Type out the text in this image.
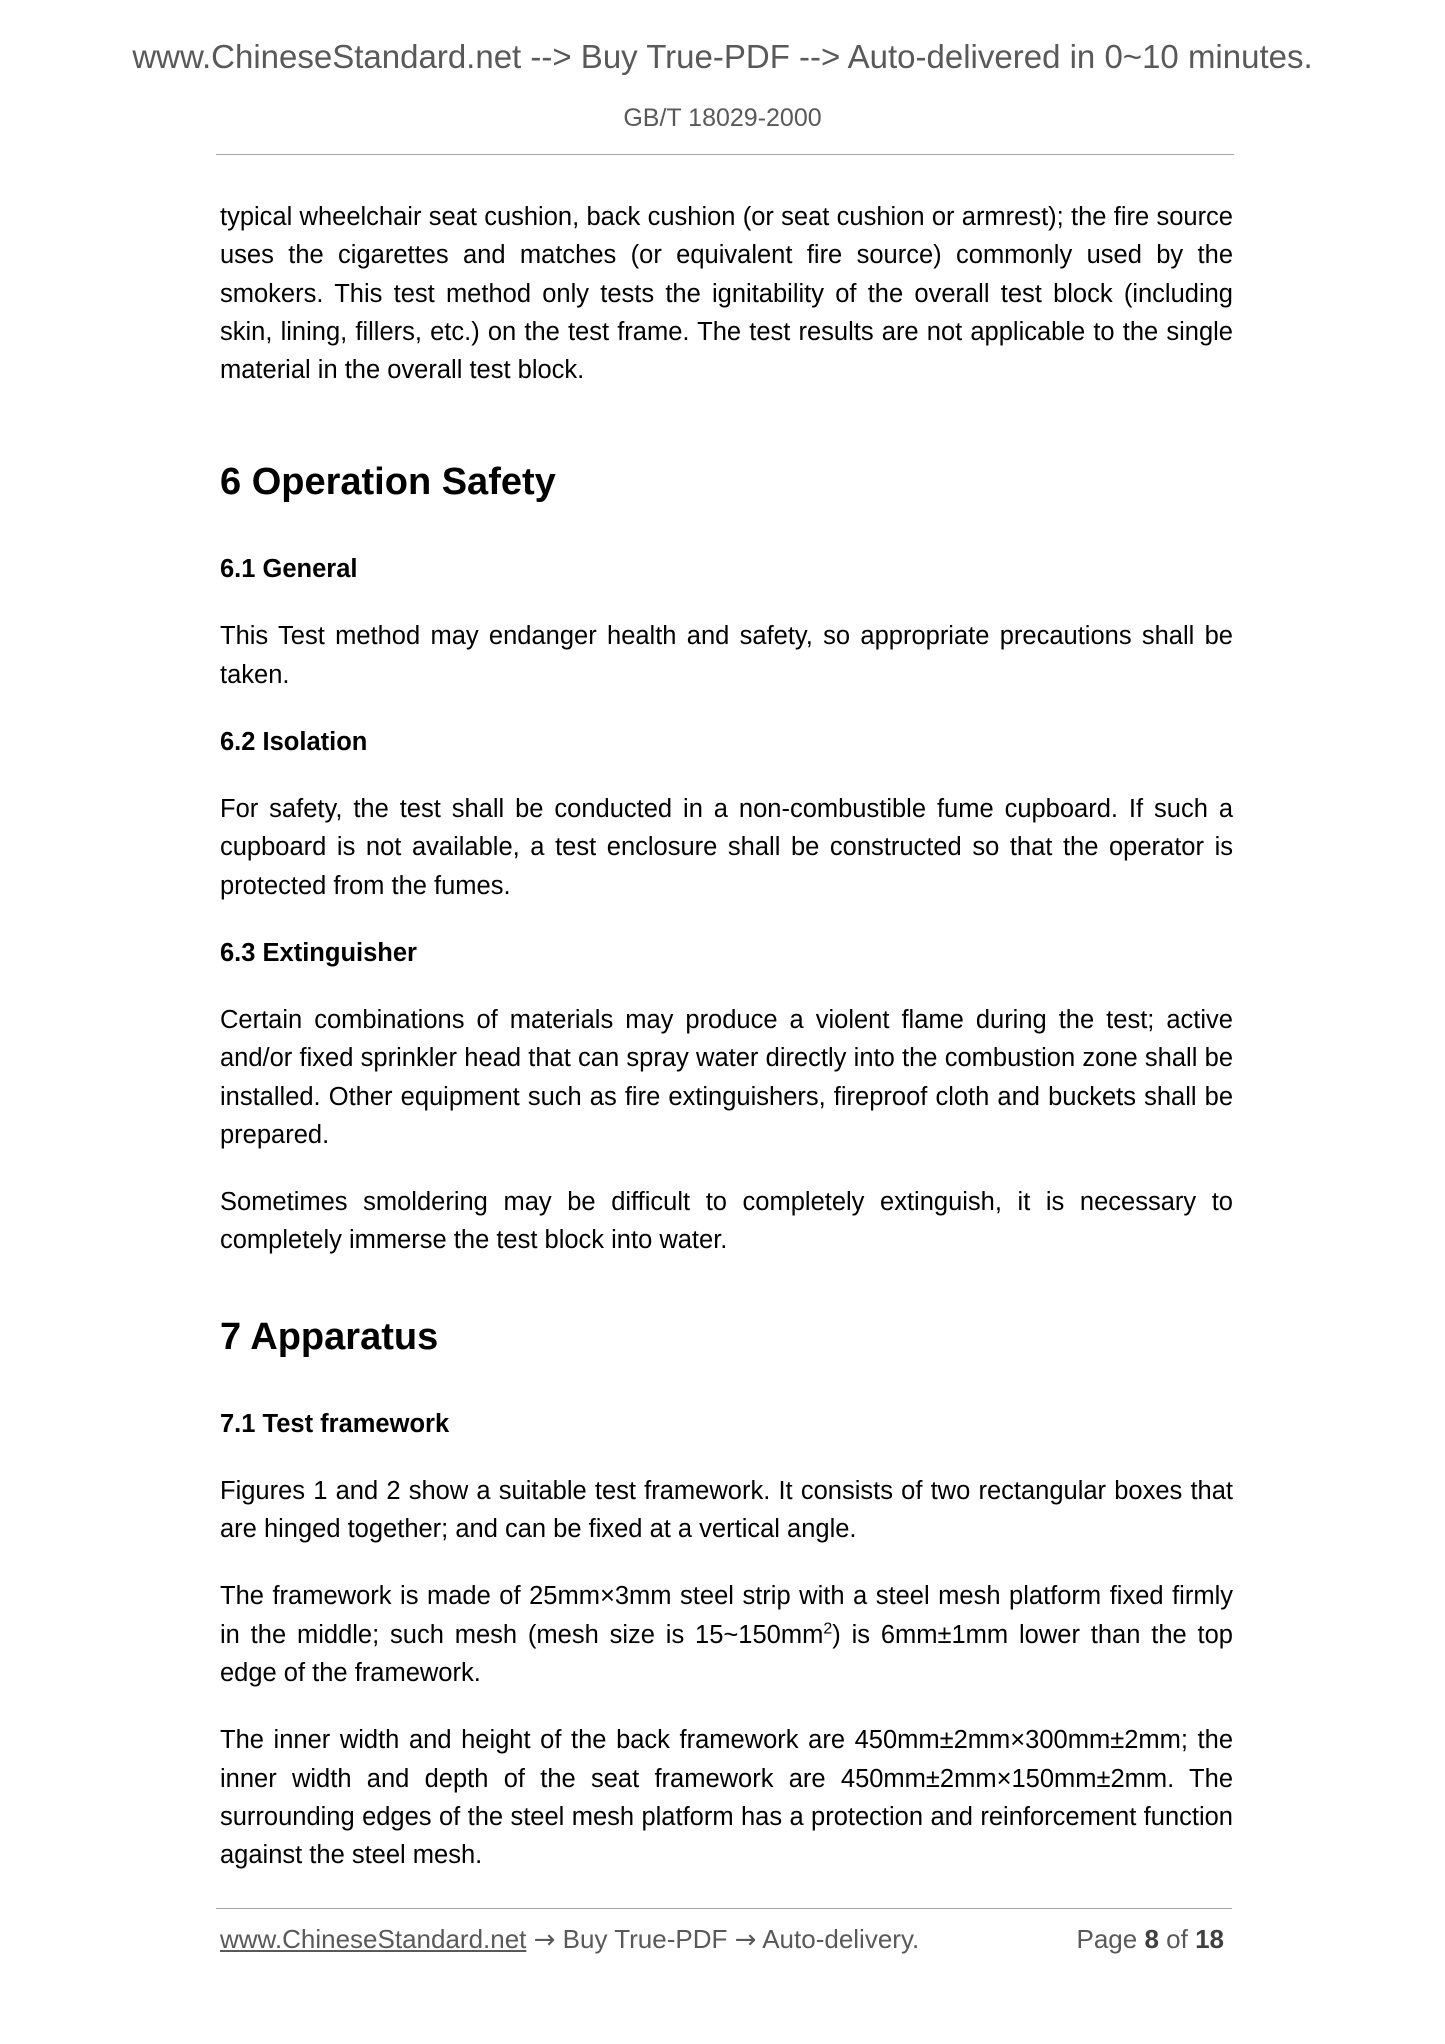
www.ChineseStandard.net --> Buy True-PDF --> Auto-delivered in 0~10 minutes.
GB/T 18029-2000

typical wheelchair seat cushion, back cushion (or seat cushion or armrest); the fire source uses the cigarettes and matches (or equivalent fire source) commonly used by the smokers. This test method only tests the ignitability of the overall test block (including skin, lining, fillers, etc.) on the test frame. The test results are not applicable to the single material in the overall test block.

6 Operation Safety
6.1 General

This Test method may endanger health and safety, so appropriate precautions shall be taken.

6.2 Isolation

For safety, the test shall be conducted in a non-combustible fume cupboard. If such a cupboard is not available, a test enclosure shall be constructed so that the operator is protected from the fumes.

6.3 Extinguisher

Certain combinations of materials may produce a violent flame during the test; active and/or fixed sprinkler head that can spray water directly into the combustion zone shall be installed. Other equipment such as fire extinguishers, fireproof cloth and buckets shall be prepared.

Sometimes smoldering may be difficult to completely extinguish, it is necessary to completely immerse the test block into water.

7 Apparatus
7.1 Test framework

Figures 1 and 2 show a suitable test framework. It consists of two rectangular boxes that are hinged together; and can be fixed at a vertical angle.

The framework is made of 25mm×3mm steel strip with a steel mesh platform fixed firmly in the middle; such mesh (mesh size is $15\sim 150mm^2$) is 6mm±1mm lower than the top edge of the framework.

The inner width and height of the back framework are 450mm±2mm×300mm±2mm; the inner width and depth of the seat framework are 450mm±2mm×150mm±2mm. The surrounding edges of the steel mesh platform has a protection and reinforcement function against the steel mesh.

www.ChineseStandard.net → Buy True-PDF → Auto-delivery.	Page 8 of 18
